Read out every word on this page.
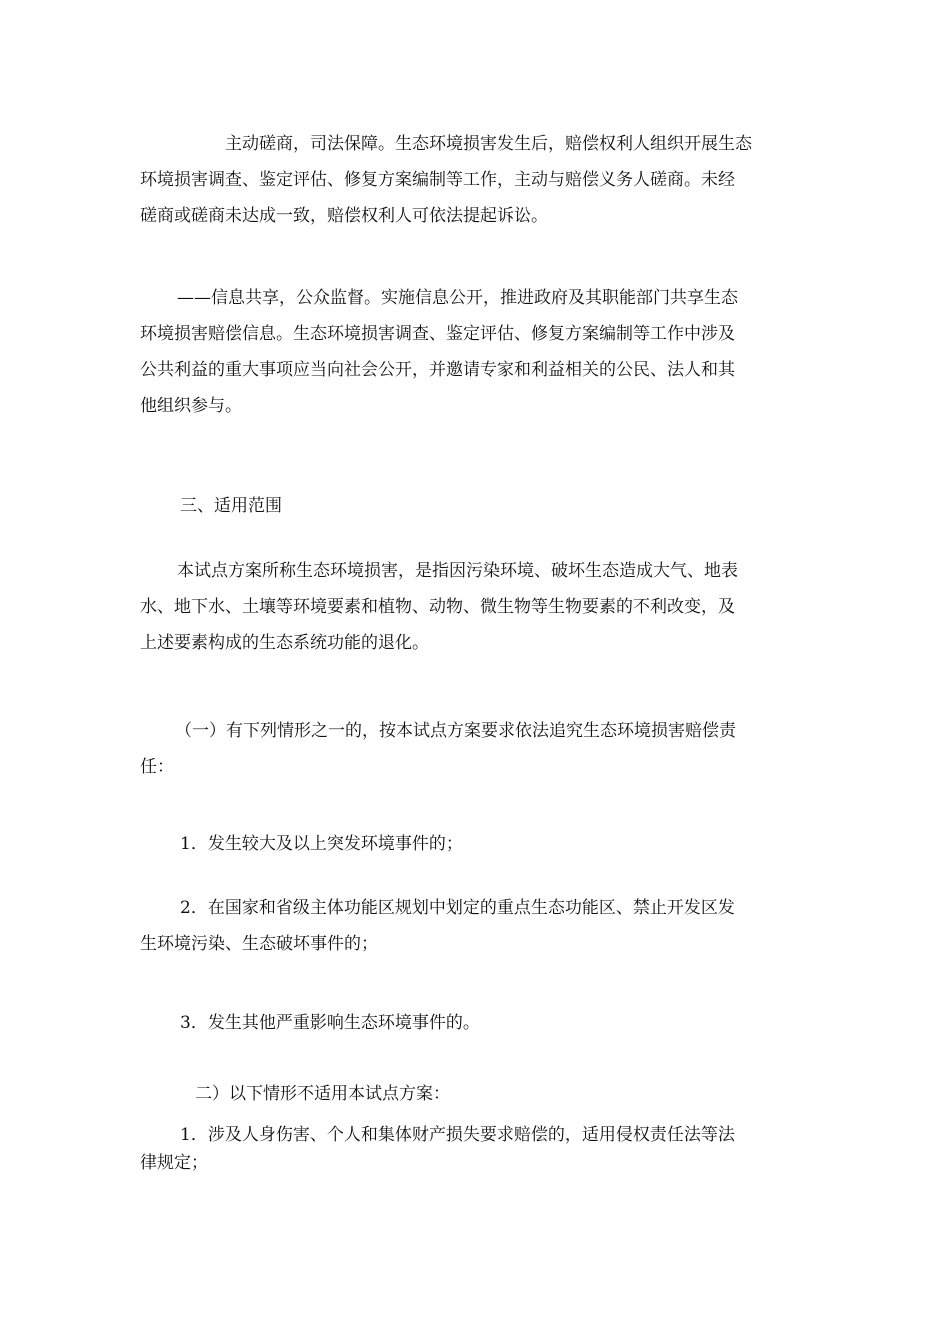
主动磋商，司法保障。生态环境损害发生后，赔偿权利人组织开展生态
环境损害调查、鉴定评估、修复方案编制等工作，主动与赔偿义务人磋商。未经
磋商或磋商未达成一致，赔偿权利人可依法提起诉讼。

——信息共享，公众监督。实施信息公开，推进政府及其职能部门共享生态
环境损害赔偿信息。生态环境损害调查、鉴定评估、修复方案编制等工作中涉及
公共利益的重大事项应当向社会公开，并邀请专家和利益相关的公民、法人和其
他组织参与。

三、适用范围

本试点方案所称生态环境损害，是指因污染环境、破坏生态造成大气、地表
水、地下水、土壤等环境要素和植物、动物、微生物等生物要素的不利改变，及
上述要素构成的生态系统功能的退化。

（一）有下列情形之一的，按本试点方案要求依法追究生态环境损害赔偿责
任：

1．发生较大及以上突发环境事件的；

2．在国家和省级主体功能区规划中划定的重点生态功能区、禁止开发区发
生环境污染、生态破坏事件的；

3．发生其他严重影响生态环境事件的。

二）以下情形不适用本试点方案：

1．涉及人身伤害、个人和集体财产损失要求赔偿的，适用侵权责任法等法
律规定；
